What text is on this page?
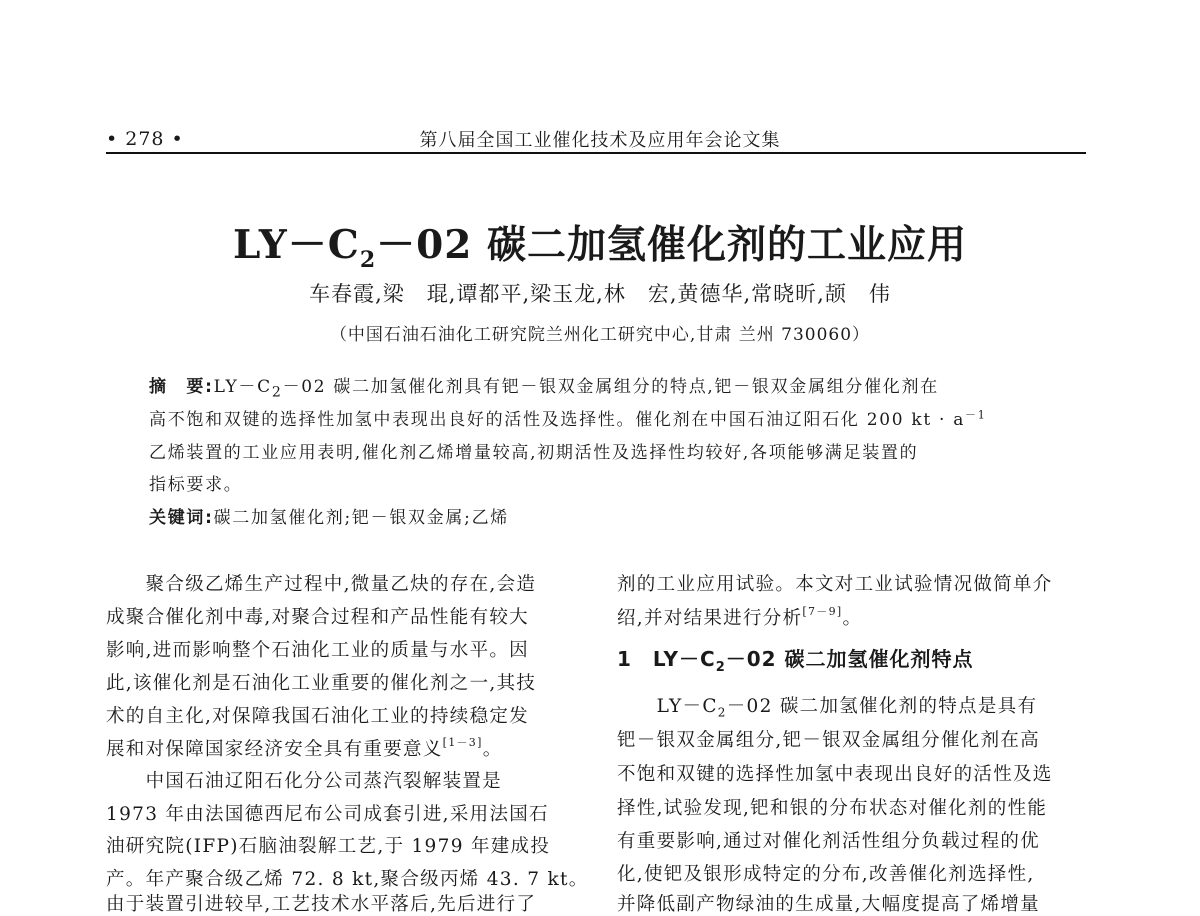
• 278 •	第八届全国工业催化技术及应用年会论文集
$LY-C_2-02$ 碳二加氢催化剂的工业应用
车春霞,梁　琨,谭都平,梁玉龙,林　宏,黄德华,常晓昕,颉　伟
（中国石油石油化工研究院兰州化工研究中心,甘肃 兰州 730060）
摘　要$:LY-C_2-02$ 碳二加氢催化剂具有钯－银双金属组分的特点,钯－银双金属组分催化剂在
高不饱和双键的选择性加氢中表现出良好的活性及选择性。催化剂在中国石油辽阳石化 200 kt · $a^{-1}$
乙烯装置的工业应用表明,催化剂乙烯增量较高,初期活性及选择性均较好,各项能够满足装置的
指标要求。
关键词:碳二加氢催化剂;钯－银双金属;乙烯
　　聚合级乙烯生产过程中,微量乙炔的存在,会造
成聚合催化剂中毒,对聚合过程和产品性能有较大
影响,进而影响整个石油化工业的质量与水平。因
此,该催化剂是石油化工业重要的催化剂之一,其技
术的自主化,对保障我国石油化工业的持续稳定发
展和对保障国家经济安全具有重要意义[1－3]。
　　中国石油辽阳石化分公司蒸汽裂解装置是
1973 年由法国德西尼布公司成套引进,采用法国石
油研究院(IFP)石脑油裂解工艺,于 1979 年建成投
产。年产聚合级乙烯 72. 8 kt,聚合级丙烯 43. 7 kt。
由于装置引进较早,工艺技术水平落后,先后进行了
剂的工业应用试验。本文对工业试验情况做简单介
绍,并对结果进行分析[7－9]。
1　$LY-C_2-02$ 碳二加氢催化剂特点
　　$LY-C_2-02$ 碳二加氢催化剂的特点是具有
钯－银双金属组分,钯－银双金属组分催化剂在高
不饱和双键的选择性加氢中表现出良好的活性及选
择性,试验发现,钯和银的分布状态对催化剂的性能
有重要影响,通过对催化剂活性组分负载过程的优
化,使钯及银形成特定的分布,改善催化剂选择性,
并降低副产物绿油的生成量,大幅度提高了烯增量
